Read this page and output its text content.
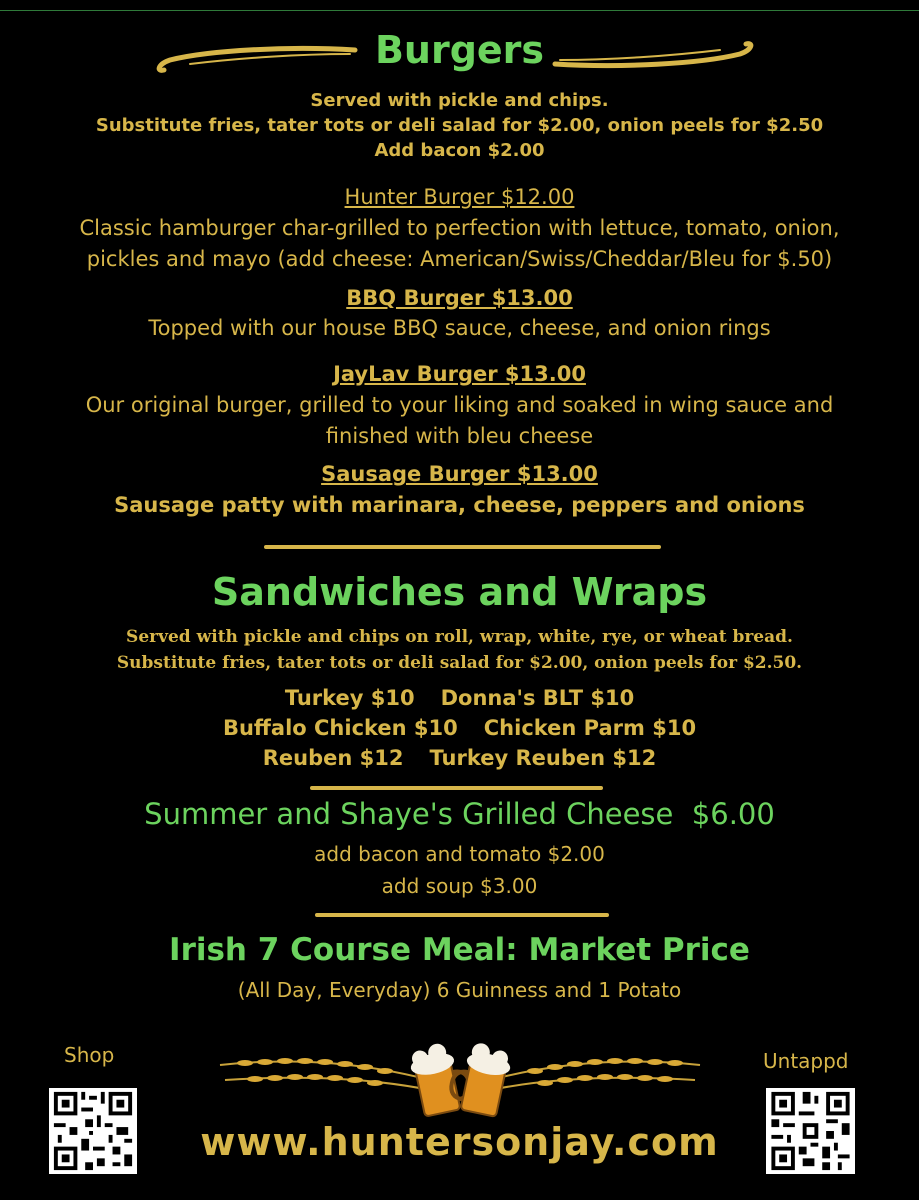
Burgers
Served with pickle and chips.
Substitute fries, tater tots or deli salad for $2.00, onion peels for $2.50
Add bacon $2.00
Hunter Burger $12.00
Classic hamburger char-grilled to perfection with lettuce, tomato, onion,
pickles and mayo (add cheese: American/Swiss/Cheddar/Bleu for $.50)
BBQ Burger $13.00
Topped with our house BBQ sauce, cheese, and onion rings
JayLav Burger $13.00
Our original burger, grilled to your liking and soaked in wing sauce and
finished with bleu cheese
Sausage Burger $13.00
Sausage patty with marinara, cheese, peppers and onions
Sandwiches and Wraps
Served with pickle and chips on roll, wrap, white, rye, or wheat bread.
Substitute fries, tater tots or deli salad for $2.00, onion peels for $2.50.
Turkey $10 Donna's BLT $10
Buffalo Chicken $10 Chicken Parm $10
Reuben $12 Turkey Reuben $12
Summer and Shaye's Grilled Cheese  $6.00
add bacon and tomato $2.00
add soup $3.00
Irish 7 Course Meal: Market Price
(All Day, Everyday) 6 Guinness and 1 Potato
Shop	Untappd
www.huntersonjay.com
